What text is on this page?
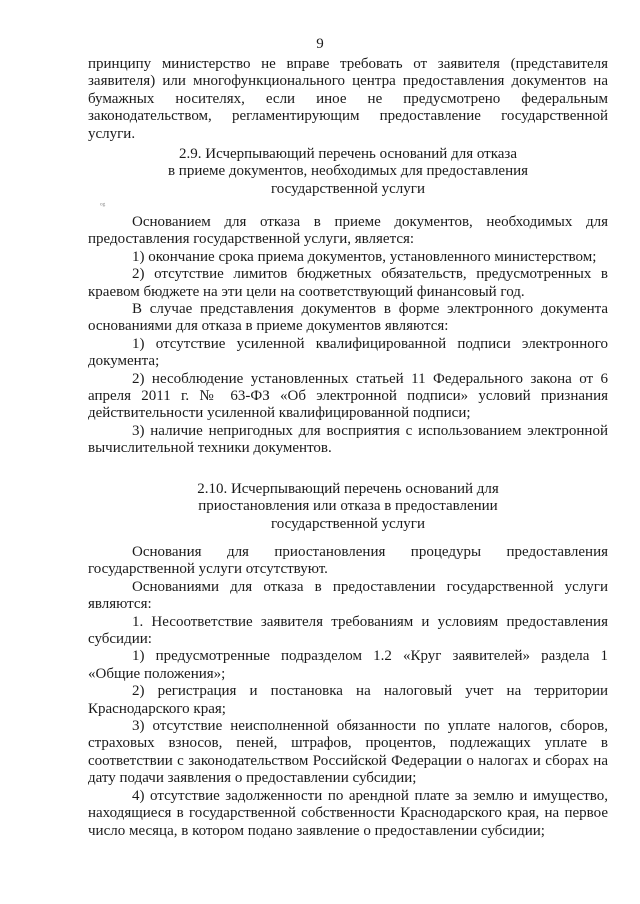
9

принципу министерство не вправе требовать от заявителя (представителя заявителя) или многофункционального центра предоставления документов на бумажных носителях, если иное не предусмотрено федеральным законодательством, регламентирующим предоставление государственной услуги.

2.9. Исчерпывающий перечень оснований для отказа

в приеме документов, необходимых для предоставления

государственной услуги

ᵒᵍ

Основанием для отказа в приеме документов, необходимых для предоставления государственной услуги, является:

1) окончание срока приема документов, установленного министерством;

2) отсутствие лимитов бюджетных обязательств, предусмотренных в краевом бюджете на эти цели на соответствующий финансовый год.

В случае представления документов в форме электронного документа основаниями для отказа в приеме документов являются:

1) отсутствие усиленной квалифицированной подписи электронного документа;

2) несоблюдение установленных статьей 11 Федерального закона от 6 апреля 2011 г. № 63-ФЗ «Об электронной подписи» условий признания действительности усиленной квалифицированной подписи;

3) наличие непригодных для восприятия с использованием электронной вычислительной техники документов.

2.10. Исчерпывающий перечень оснований для

приостановления или отказа в предоставлении

государственной услуги

Основания для приостановления процедуры предоставления государственной услуги отсутствуют.

Основаниями для отказа в предоставлении государственной услуги являются:

1. Несоответствие заявителя требованиям и условиям предоставления субсидии:

1) предусмотренные подразделом 1.2 «Круг заявителей» раздела 1 «Общие положения»;

2) регистрация и постановка на налоговый учет на территории Краснодарского края;

3) отсутствие неисполненной обязанности по уплате налогов, сборов, страховых взносов, пеней, штрафов, процентов, подлежащих уплате в соответствии с законодательством Российской Федерации о налогах и сборах на дату подачи заявления о предоставлении субсидии;

4) отсутствие задолженности по арендной плате за землю и имущество, находящиеся в государственной собственности Краснодарского края, на первое число месяца, в котором подано заявление о предоставлении субсидии;
